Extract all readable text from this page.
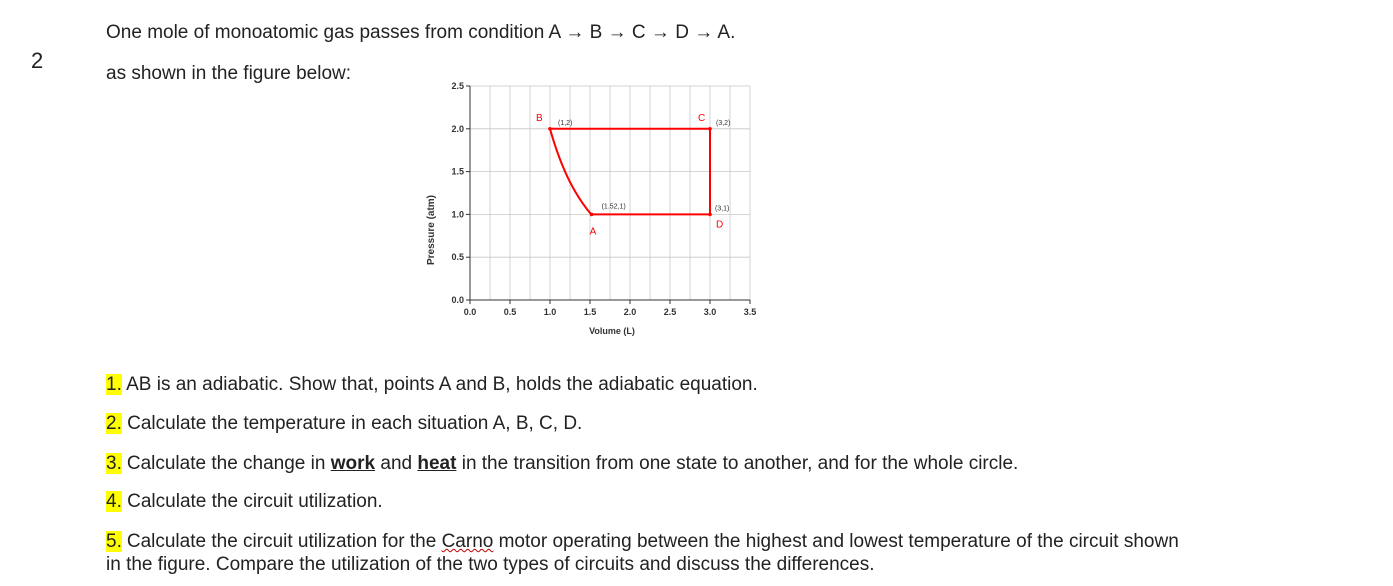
2
One mole of monoatomic gas passes from condition A → B → C → D → A.
as shown in the figure below:
0.0	0.5	1.0	1.5	2.0	2.5	3.0	3.5
0.0
0.5
1.0
1.5
2.0
2.5
B (1,2)	C (3,2)
D
(3,1)
A
(1.52,1)
Volume (L)
Pressure (atm)
1. AB is an adiabatic. Show that, points A and B, holds the adiabatic equation.
2. Calculate the temperature in each situation A, B, C, D.
3. Calculate the change in work and heat in the transition from one state to another, and for the whole circle.
4. Calculate the circuit utilization.
5. Calculate the circuit utilization for the Carno motor operating between the highest and lowest temperature of the circuit shown
in the figure. Compare the utilization of the two types of circuits and discuss the differences.
